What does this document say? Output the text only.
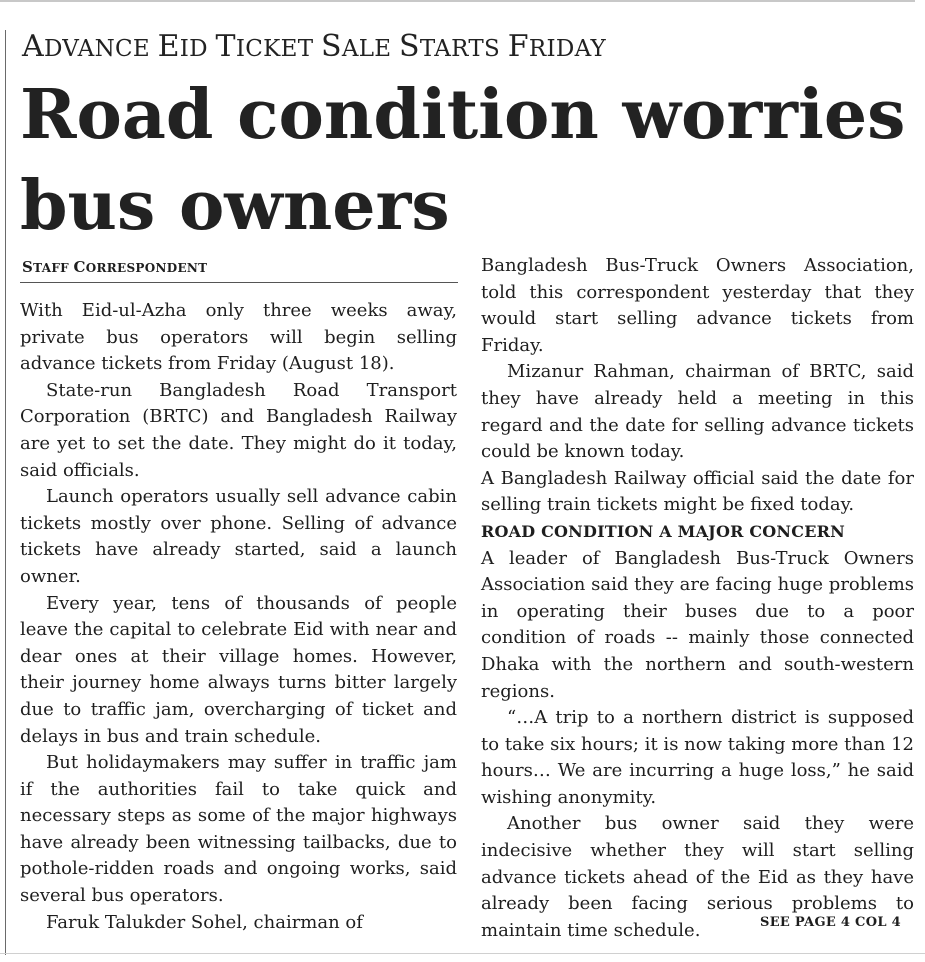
ADVANCE EID TICKET SALE STARTS FRIDAY
Road condition worries bus owners
STAFF CORRESPONDENT

With Eid-ul-Azha only three weeks away, private bus operators will begin selling advance tickets from Friday (August 18).

State-run Bangladesh Road Transport Corporation (BRTC) and Bangladesh Railway are yet to set the date. They might do it today, said officials.

Launch operators usually sell advance cabin tickets mostly over phone. Selling of advance tickets have already started, said a launch owner.

Every year, tens of thousands of people leave the capital to celebrate Eid with near and dear ones at their village homes. However, their journey home always turns bitter largely due to traffic jam, overcharging of ticket and delays in bus and train schedule.

But holidaymakers may suffer in traffic jam if the authorities fail to take quick and necessary steps as some of the major highways have already been witnessing tailbacks, due to pothole-ridden roads and ongoing works, said several bus operators.

Faruk Talukder Sohel, chairman of

Bangladesh Bus-Truck Owners Association, told this correspondent yesterday that they would start selling advance tickets from Friday.

Mizanur Rahman, chairman of BRTC, said they have already held a meeting in this regard and the date for selling advance tickets could be known today.

A Bangladesh Railway official said the date for selling train tickets might be fixed today.

ROAD CONDITION A MAJOR CONCERN

A leader of Bangladesh Bus-Truck Owners Association said they are facing huge problems in operating their buses due to a poor condition of roads -- mainly those connected Dhaka with the northern and south-western regions.

“…A trip to a northern district is supposed to take six hours; it is now taking more than 12 hours… We are incurring a huge loss,” he said wishing anonymity.

Another bus owner said they were indecisive whether they will start selling advance tickets ahead of the Eid as they have already been facing serious problems to maintain time schedule.	SEE PAGE 4 COL 4
